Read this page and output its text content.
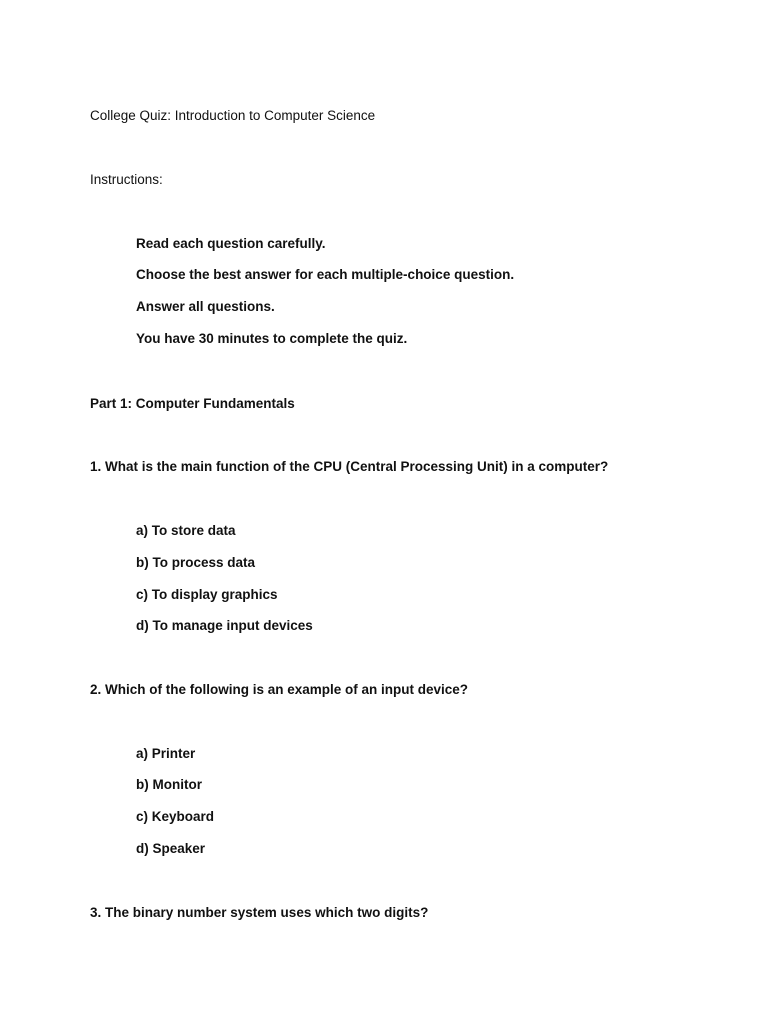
College Quiz: Introduction to Computer Science

Instructions:

Read each question carefully.

Choose the best answer for each multiple-choice question.

Answer all questions.

You have 30 minutes to complete the quiz.

Part 1: Computer Fundamentals

1. What is the main function of the CPU (Central Processing Unit) in a computer?

a) To store data

b) To process data

c) To display graphics

d) To manage input devices

2. Which of the following is an example of an input device?

a) Printer

b) Monitor

c) Keyboard

d) Speaker

3. The binary number system uses which two digits?
